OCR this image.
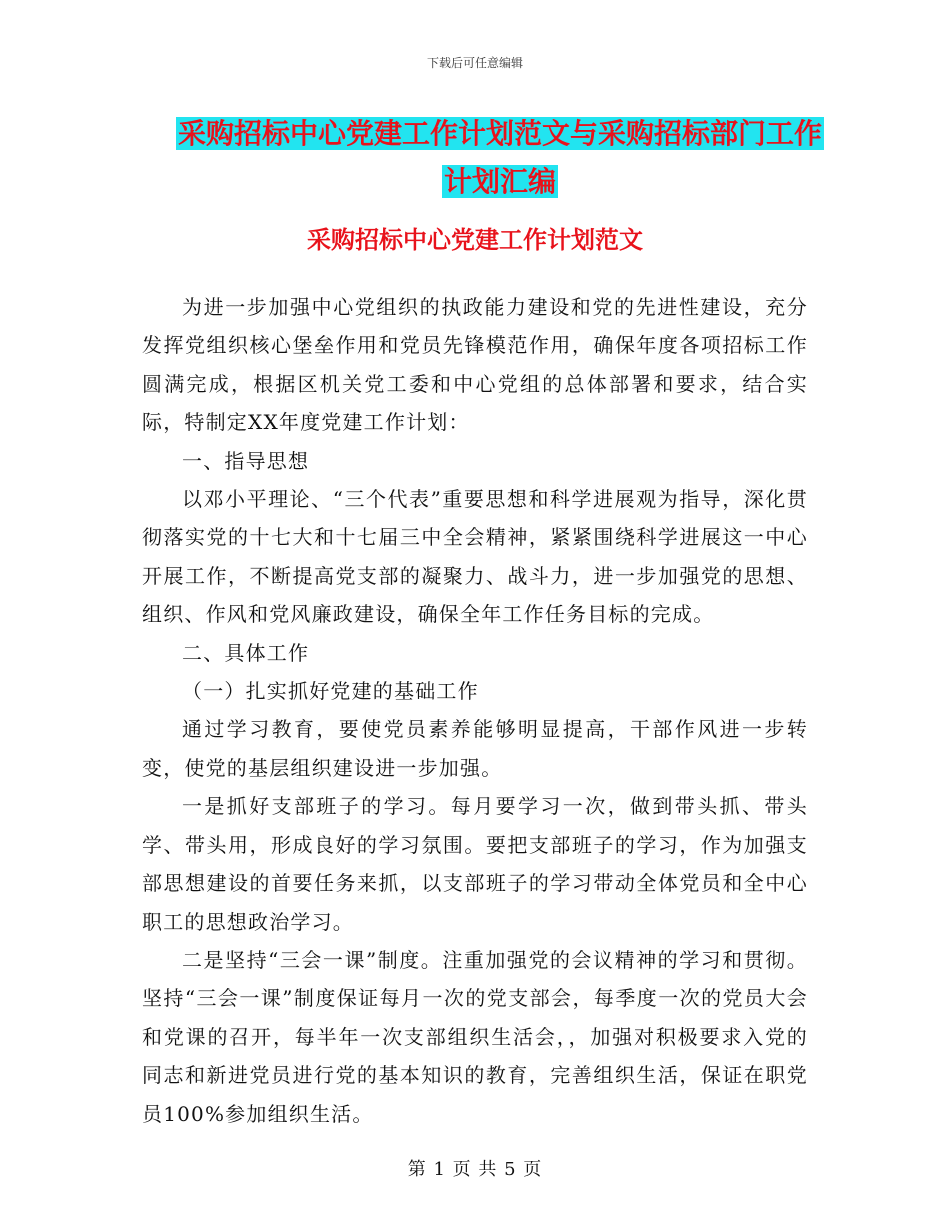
下载后可任意编辑
采购招标中心党建工作计划范文与采购招标部门工作
计划汇编
采购招标中心党建工作计划范文

为进一步加强中心党组织的执政能力建设和党的先进性建设，充分发挥党组织核心堡垒作用和党员先锋模范作用，确保年度各项招标工作圆满完成，根据区机关党工委和中心党组的总体部署和要求，结合实际，特制定XX年度党建工作计划：

一、指导思想

以邓小平理论、“三个代表”重要思想和科学进展观为指导，深化贯彻落实党的十七大和十七届三中全会精神，紧紧围绕科学进展这一中心开展工作，不断提高党支部的凝聚力、战斗力，进一步加强党的思想、组织、作风和党风廉政建设，确保全年工作任务目标的完成。

二、具体工作

（一）扎实抓好党建的基础工作

通过学习教育，要使党员素养能够明显提高，干部作风进一步转变，使党的基层组织建设进一步加强。

一是抓好支部班子的学习。每月要学习一次，做到带头抓、带头学、带头用，形成良好的学习氛围。要把支部班子的学习，作为加强支部思想建设的首要任务来抓，以支部班子的学习带动全体党员和全中心职工的思想政治学习。

二是坚持“三会一课”制度。注重加强党的会议精神的学习和贯彻。坚持“三会一课”制度保证每月一次的党支部会，每季度一次的党员大会和党课的召开，每半年一次支部组织生活会，，加强对积极要求入党的同志和新进党员进行党的基本知识的教育，完善组织生活，保证在职党员100%参加组织生活。

第 1 页 共 5 页
